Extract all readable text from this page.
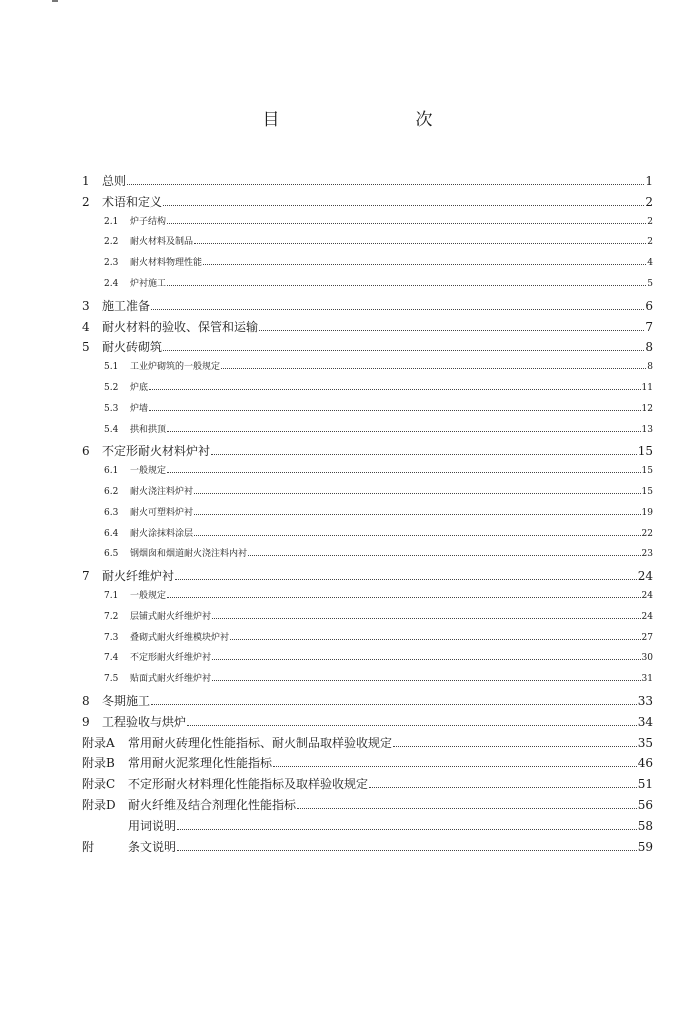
目　　次
1	总则	1
2	术语和定义	2
2.1	炉子结构	2
2.2	耐火材料及制品	2
2.3	耐火材料物理性能	4
2.4	炉衬施工	5
3	施工准备	6
4	耐火材料的验收、保管和运输	7
5	耐火砖砌筑	8
5.1	工业炉砌筑的一般规定	8
5.2	炉底	11
5.3	炉墙	12
5.4	拱和拱顶	13
6	不定形耐火材料炉衬	15
6.1	一般规定	15
6.2	耐火浇注料炉衬	15
6.3	耐火可塑料炉衬	19
6.4	耐火涂抹料涂层	22
6.5	钢烟囱和烟道耐火浇注料内衬	23
7	耐火纤维炉衬	24
7.1	一般规定	24
7.2	层铺式耐火纤维炉衬	24
7.3	叠砌式耐火纤维模块炉衬	27
7.4	不定形耐火纤维炉衬	30
7.5	贴面式耐火纤维炉衬	31
8	冬期施工	33
9	工程验收与烘炉	34
附录A	常用耐火砖理化性能指标、耐火制品取样验收规定	35
附录B	常用耐火泥浆理化性能指标	46
附录C	不定形耐火材料理化性能指标及取样验收规定	51
附录D	耐火纤维及结合剂理化性能指标	56
用词说明	58
附	条文说明	59
